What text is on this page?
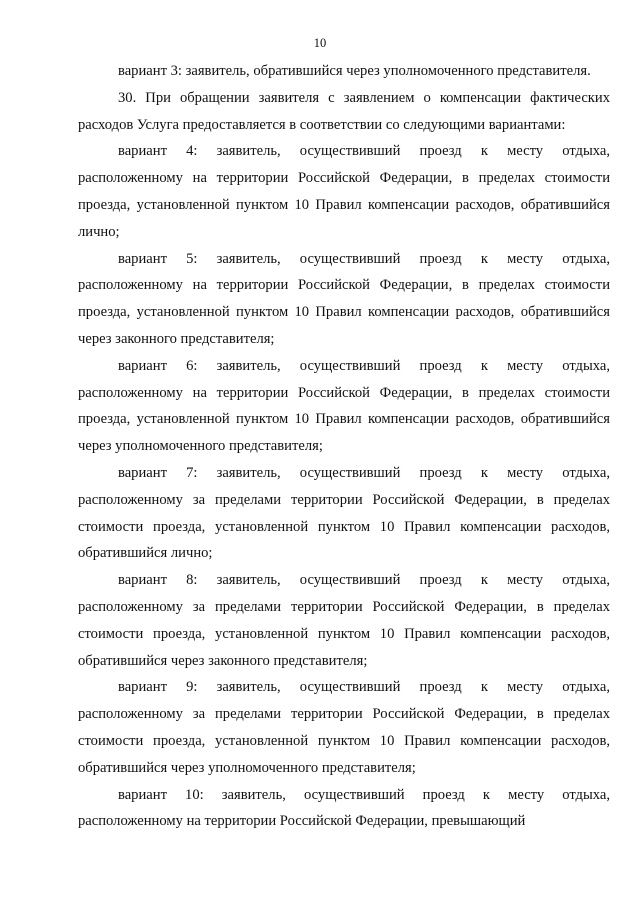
10

вариант 3: заявитель, обратившийся через уполномоченного представителя.

30. При обращении заявителя с заявлением о компенсации фактических расходов Услуга предоставляется в соответствии со следующими вариантами:

вариант 4: заявитель, осуществивший проезд к месту отдыха, расположенному на территории Российской Федерации, в пределах стоимости проезда, установленной пунктом 10 Правил компенсации расходов, обратившийся лично;

вариант 5: заявитель, осуществивший проезд к месту отдыха, расположенному на территории Российской Федерации, в пределах стоимости проезда, установленной пунктом 10 Правил компенсации расходов, обратившийся через законного представителя;

вариант 6: заявитель, осуществивший проезд к месту отдыха, расположенному на территории Российской Федерации, в пределах стоимости проезда, установленной пунктом 10 Правил компенсации расходов, обратившийся через уполномоченного представителя;

вариант 7: заявитель, осуществивший проезд к месту отдыха, расположенному за пределами территории Российской Федерации, в пределах стоимости проезда, установленной пунктом 10 Правил компенсации расходов, обратившийся лично;

вариант 8: заявитель, осуществивший проезд к месту отдыха, расположенному за пределами территории Российской Федерации, в пределах стоимости проезда, установленной пунктом 10 Правил компенсации расходов, обратившийся через законного представителя;

вариант 9: заявитель, осуществивший проезд к месту отдыха, расположенному за пределами территории Российской Федерации, в пределах стоимости проезда, установленной пунктом 10 Правил компенсации расходов, обратившийся через уполномоченного представителя;

вариант 10: заявитель, осуществивший проезд к месту отдыха, расположенному на территории Российской Федерации, превышающий
